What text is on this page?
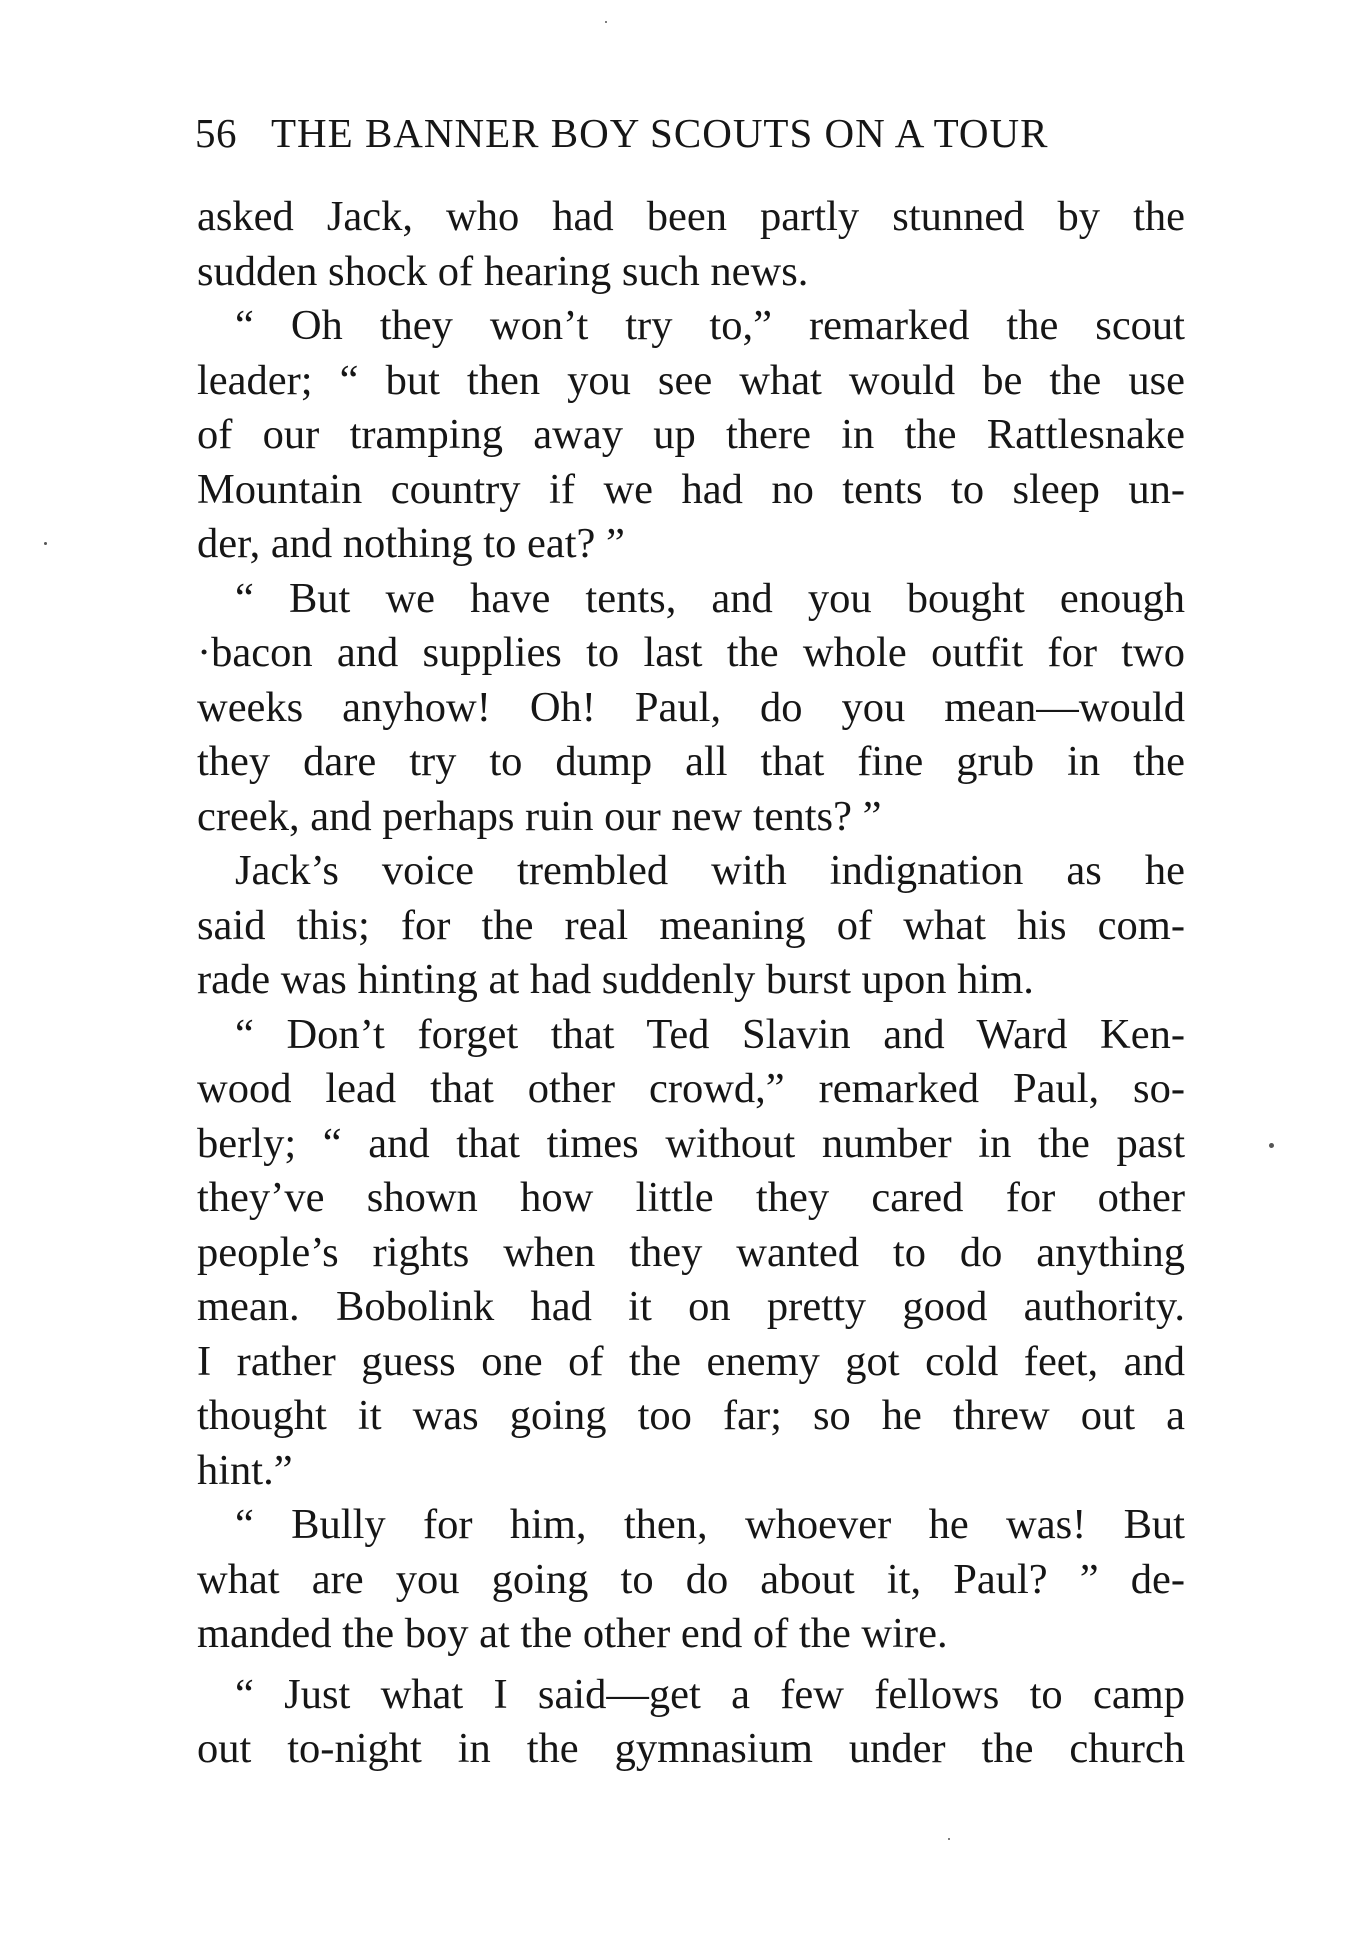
56 THE BANNER BOY SCOUTS ON A TOUR
asked Jack, who had been partly stunned by the
sudden shock of hearing such news.
“ Oh they won’t try to,” remarked the scout
leader; “ but then you see what would be the use
of our tramping away up there in the Rattlesnake
Mountain country if we had no tents to sleep un-
der, and nothing to eat? ”
“ But we have tents, and you bought enough
·bacon and supplies to last the whole outfit for two
weeks anyhow! Oh! Paul, do you mean—would
they dare try to dump all that fine grub in the
creek, and perhaps ruin our new tents? ”
Jack’s voice trembled with indignation as he
said this; for the real meaning of what his com-
rade was hinting at had suddenly burst upon him.
“ Don’t forget that Ted Slavin and Ward Ken-
wood lead that other crowd,” remarked Paul, so-
berly; “ and that times without number in the past
they’ve shown how little they cared for other
people’s rights when they wanted to do anything
mean. Bobolink had it on pretty good authority.
I rather guess one of the enemy got cold feet, and
thought it was going too far; so he threw out a
hint.”
“ Bully for him, then, whoever he was! But
what are you going to do about it, Paul? ” de-
manded the boy at the other end of the wire.
“ Just what I said—get a few fellows to camp
out to-night in the gymnasium under the church
